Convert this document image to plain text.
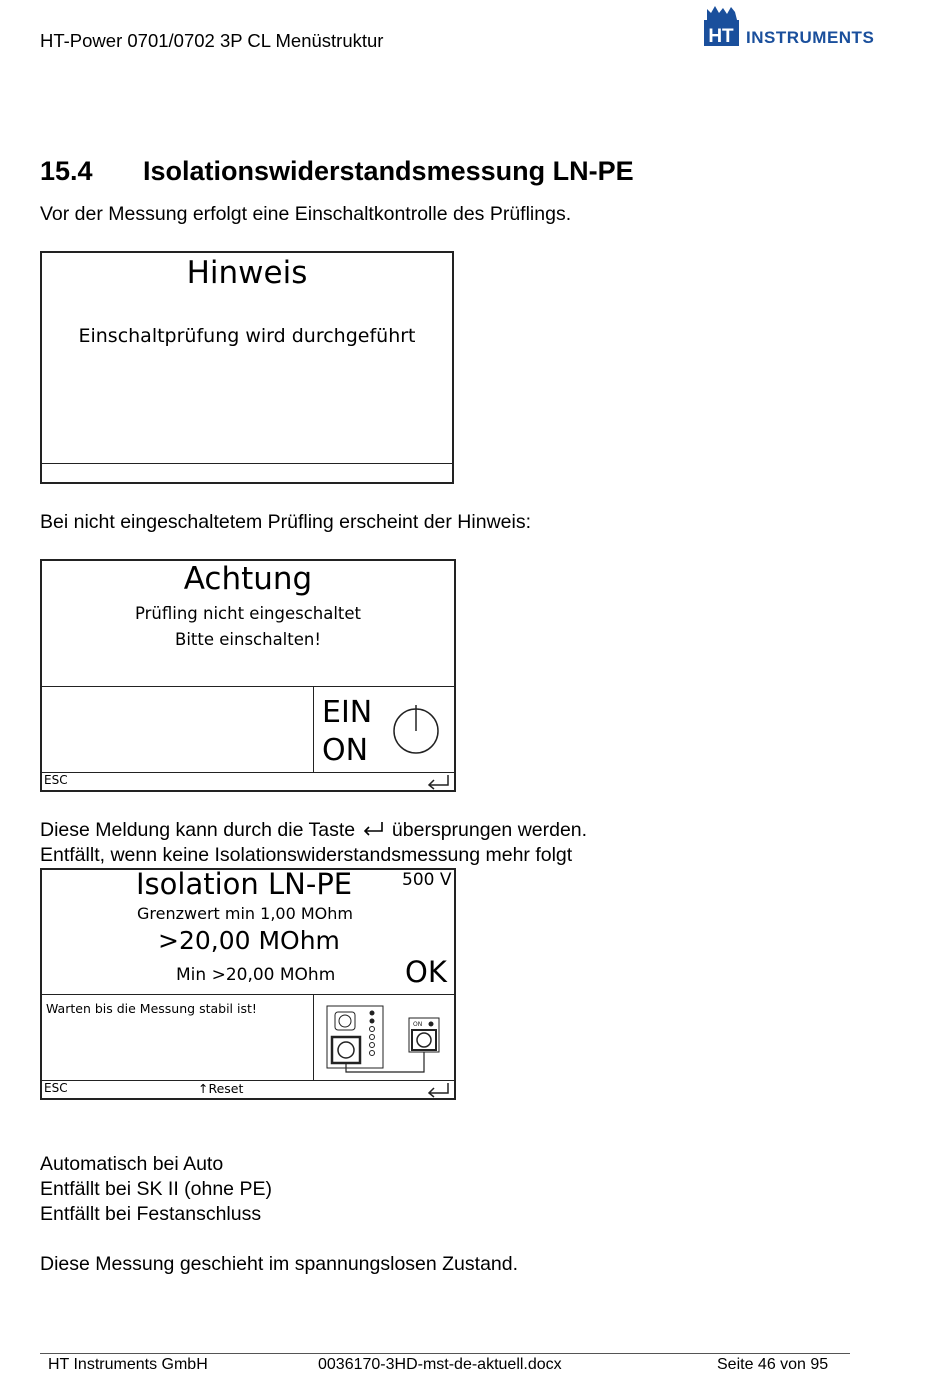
HT-Power 0701/0702 3P CL Menüstruktur	HT INSTRUMENTS
15.4 Isolationswiderstandsmessung LN-PE
Vor der Messung erfolgt eine Einschaltkontrolle des Prüflings.
Hinweis
Einschaltprüfung wird durchgeführt
Bei nicht eingeschaltetem Prüfling erscheint der Hinweis:
Achtung
Prüfling nicht eingeschaltet
Bitte einschalten!
EIN
ON
ESC
Diese Meldung kann durch die Taste  übersprungen werden.
Entfällt, wenn keine Isolationswiderstandsmessung mehr folgt
Isolation LN-PE	500 V
Grenzwert min 1,00 MOhm
>20,00 MOhm
Min >20,00 MOhm OK
Warten bis die Messung stabil ist!
ON
ESC	↑Reset
Automatisch bei Auto
Entfällt bei SK II (ohne PE)
Entfällt bei Festanschluss
Diese Messung geschieht im spannungslosen Zustand.
HT Instruments GmbH	0036170-3HD-mst-de-aktuell.docx	Seite 46 von 95
